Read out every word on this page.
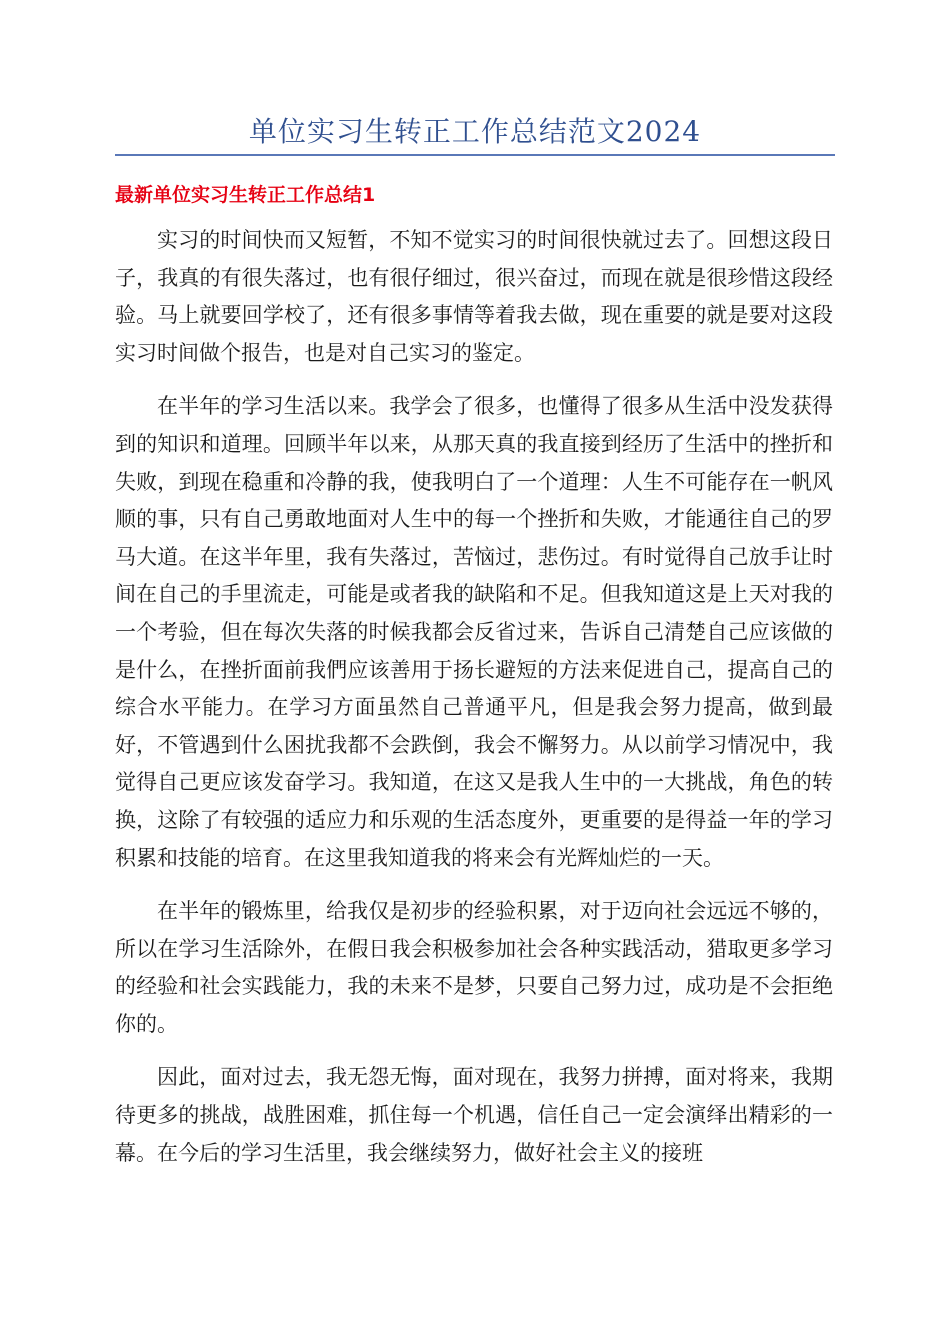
单位实习生转正工作总结范文2024
最新单位实习生转正工作总结1

实习的时间快而又短暂，不知不觉实习的时间很快就过去了。回想这段日子，我真的有很失落过，也有很仔细过，很兴奋过，而现在就是很珍惜这段经验。马上就要回学校了，还有很多事情等着我去做，现在重要的就是要对这段实习时间做个报告，也是对自己实习的鉴定。

在半年的学习生活以来。我学会了很多，也懂得了很多从生活中没发获得到的知识和道理。回顾半年以来，从那天真的我直接到经历了生活中的挫折和失败，到现在稳重和冷静的我，使我明白了一个道理：人生不可能存在一帆风顺的事，只有自己勇敢地面对人生中的每一个挫折和失败，才能通往自己的罗马大道。在这半年里，我有失落过，苦恼过，悲伤过。有时觉得自己放手让时间在自己的手里流走，可能是或者我的缺陷和不足。但我知道这是上天对我的一个考验，但在每次失落的时候我都会反省过来，告诉自己清楚自己应该做的是什么，在挫折面前我們应该善用于扬长避短的方法来促进自己，提高自己的综合水平能力。在学习方面虽然自己普通平凡，但是我会努力提高，做到最好，不管遇到什么困扰我都不会跌倒，我会不懈努力。从以前学习情况中，我觉得自己更应该发奋学习。我知道，在这又是我人生中的一大挑战，角色的转换，这除了有较强的适应力和乐观的生活态度外，更重要的是得益一年的学习积累和技能的培育。在这里我知道我的将来会有光辉灿烂的一天。

在半年的锻炼里，给我仅是初步的经验积累，对于迈向社会远远不够的，所以在学习生活除外，在假日我会积极参加社会各种实践活动，猎取更多学习的经验和社会实践能力，我的未来不是梦，只要自己努力过，成功是不会拒绝你的。

因此，面对过去，我无怨无悔，面对现在，我努力拼搏，面对将来，我期待更多的挑战，战胜困难，抓住每一个机遇，信任自己一定会演绎出精彩的一幕。在今后的学习生活里，我会继续努力，做好社会主义的接班
